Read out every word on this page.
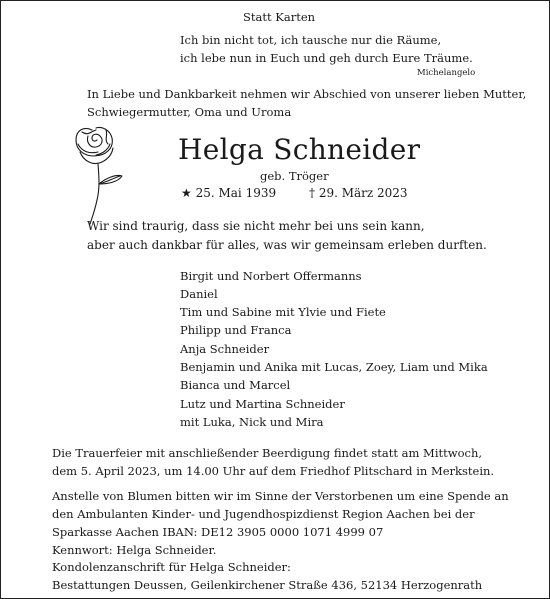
Statt Karten
Ich bin nicht tot, ich tausche nur die Räume,
ich lebe nun in Euch und geh durch Eure Träume.
Michelangelo
In Liebe und Dankbarkeit nehmen wir Abschied von unserer lieben Mutter,
Schwiegermutter, Oma und Uroma
Helga Schneider
geb. Tröger
★ 25. Mai 1939	† 29. März 2023
Wir sind traurig, dass sie nicht mehr bei uns sein kann,
aber auch dankbar für alles, was wir gemeinsam erleben durften.
Birgit und Norbert Offermanns
Daniel
Tim und Sabine mit Ylvie und Fiete
Philipp und Franca
Anja Schneider
Benjamin und Anika mit Lucas, Zoey, Liam und Mika
Bianca und Marcel
Lutz und Martina Schneider
mit Luka, Nick und Mira
Die Trauerfeier mit anschließender Beerdigung findet statt am Mittwoch,
dem 5. April 2023, um 14.00 Uhr auf dem Friedhof Plitschard in Merkstein.
Anstelle von Blumen bitten wir im Sinne der Verstorbenen um eine Spende an
den Ambulanten Kinder- und Jugendhospizdienst Region Aachen bei der
Sparkasse Aachen IBAN: DE12 3905 0000 1071 4999 07
Kennwort: Helga Schneider.
Kondolenzanschrift für Helga Schneider:
Bestattungen Deussen, Geilenkirchener Straße 436, 52134 Herzogenrath
